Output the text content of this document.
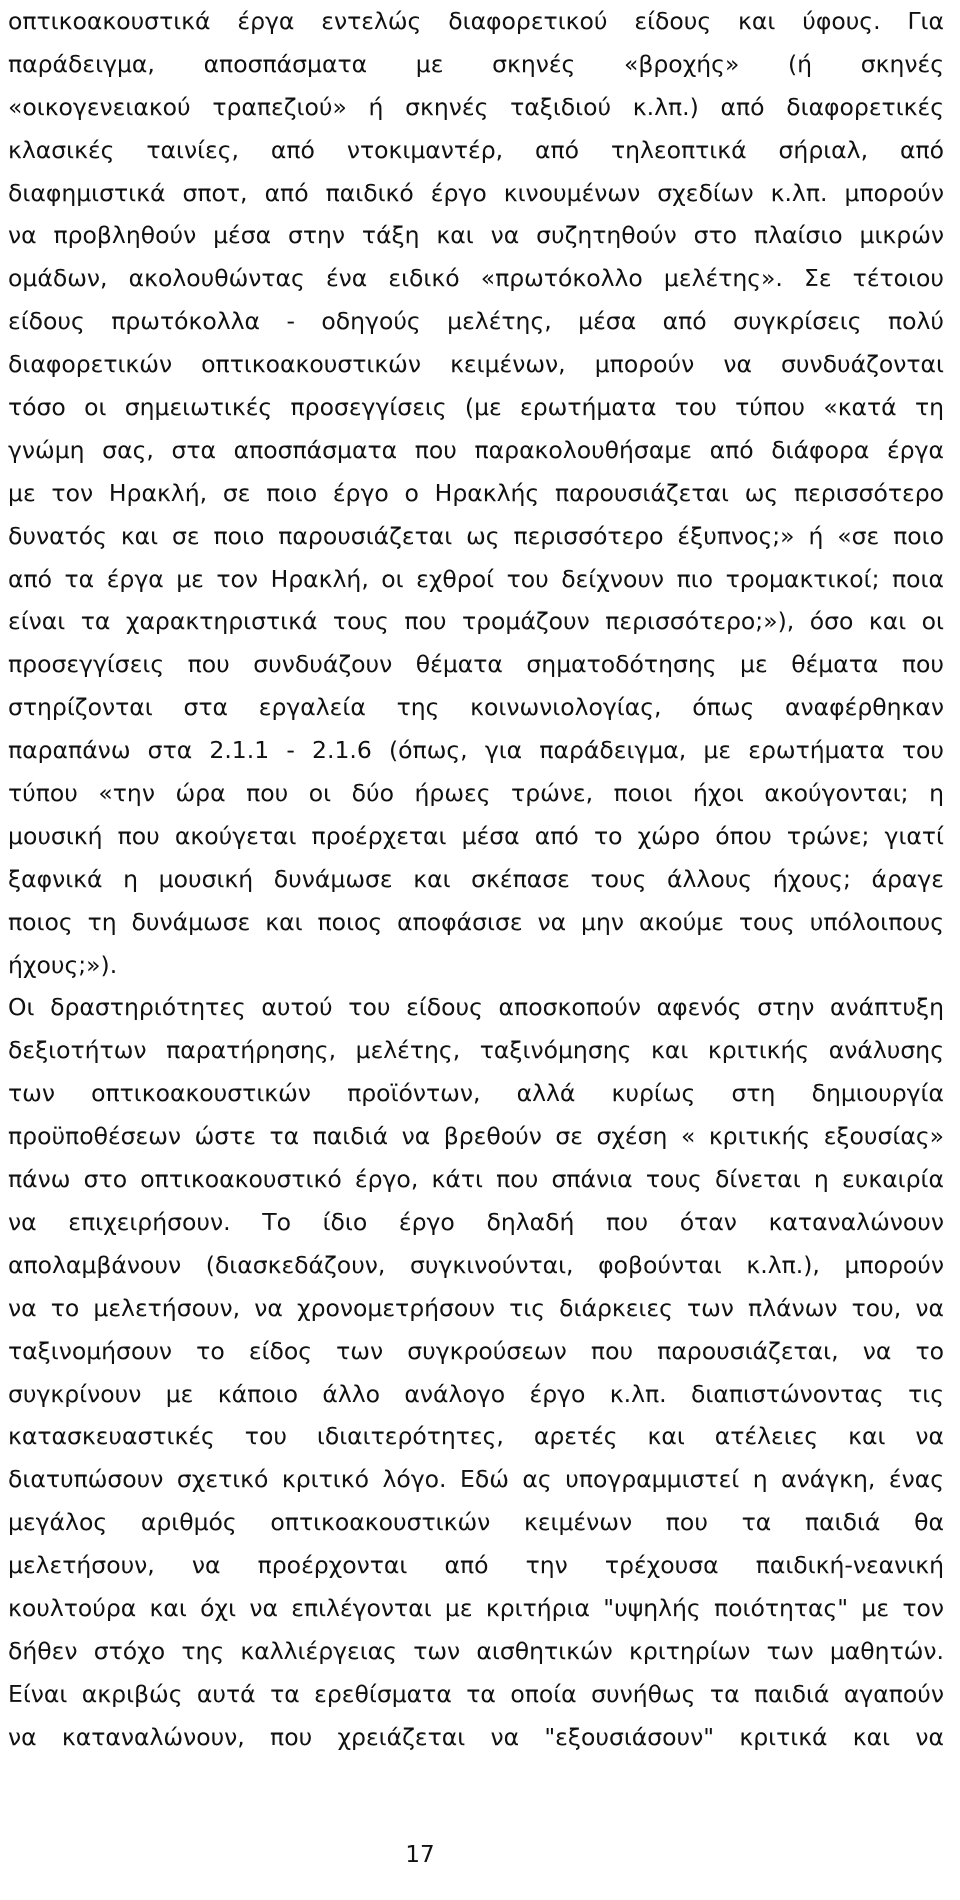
οπτικοακουστικά έργα εντελώς διαφορετικού είδους και ύφους. Για
παράδειγμα, αποσπάσματα με σκηνές «βροχής» (ή σκηνές
«οικογενειακού τραπεζιού» ή σκηνές ταξιδιού κ.λπ.) από διαφορετικές
κλασικές ταινίες, από ντοκιμαντέρ, από τηλεοπτικά σήριαλ, από
διαφημιστικά σποτ, από παιδικό έργο κινουμένων σχεδίων κ.λπ. μπορούν
να προβληθούν μέσα στην τάξη και να συζητηθούν στο πλαίσιο μικρών
ομάδων, ακολουθώντας ένα ειδικό «πρωτόκολλο μελέτης». Σε τέτοιου
είδους πρωτόκολλα - οδηγούς μελέτης, μέσα από συγκρίσεις πολύ
διαφορετικών οπτικοακουστικών κειμένων, μπορούν να συνδυάζονται
τόσο οι σημειωτικές προσεγγίσεις (με ερωτήματα του τύπου «κατά τη
γνώμη σας, στα αποσπάσματα που παρακολουθήσαμε από διάφορα έργα
με τον Ηρακλή, σε ποιο έργο ο Ηρακλής παρουσιάζεται ως περισσότερο
δυνατός και σε ποιο παρουσιάζεται ως περισσότερο έξυπνος;» ή «σε ποιο
από τα έργα με τον Ηρακλή, οι εχθροί του δείχνουν πιο τρομακτικοί; ποια
είναι τα χαρακτηριστικά τους που τρομάζουν περισσότερο;»), όσο και οι
προσεγγίσεις που συνδυάζουν θέματα σηματοδότησης με θέματα που
στηρίζονται στα εργαλεία της κοινωνιολογίας, όπως αναφέρθηκαν
παραπάνω στα 2.1.1 - 2.1.6 (όπως, για παράδειγμα, με ερωτήματα του
τύπου «την ώρα που οι δύο ήρωες τρώνε, ποιοι ήχοι ακούγονται; η
μουσική που ακούγεται προέρχεται μέσα από το χώρο όπου τρώνε; γιατί
ξαφνικά η μουσική δυνάμωσε και σκέπασε τους άλλους ήχους; άραγε
ποιος τη δυνάμωσε και ποιος αποφάσισε να μην ακούμε τους υπόλοιπους
ήχους;»).
Οι δραστηριότητες αυτού του είδους αποσκοπούν αφενός στην ανάπτυξη
δεξιοτήτων παρατήρησης, μελέτης, ταξινόμησης και κριτικής ανάλυσης
των οπτικοακουστικών προϊόντων, αλλά κυρίως στη δημιουργία
προϋποθέσεων ώστε τα παιδιά να βρεθούν σε σχέση « κριτικής εξουσίας»
πάνω στο οπτικοακουστικό έργο, κάτι που σπάνια τους δίνεται η ευκαιρία
να επιχειρήσουν. Το ίδιο έργο δηλαδή που όταν καταναλώνουν
απολαμβάνουν (διασκεδάζουν, συγκινούνται, φοβούνται κ.λπ.), μπορούν
να το μελετήσουν, να χρονομετρήσουν τις διάρκειες των πλάνων του, να
ταξινομήσουν το είδος των συγκρούσεων που παρουσιάζεται, να το
συγκρίνουν με κάποιο άλλο ανάλογο έργο κ.λπ. διαπιστώνοντας τις
κατασκευαστικές του ιδιαιτερότητες, αρετές και ατέλειες και να
διατυπώσουν σχετικό κριτικό λόγο. Εδώ ας υπογραμμιστεί η ανάγκη, ένας
μεγάλος αριθμός οπτικοακουστικών κειμένων που τα παιδιά θα
μελετήσουν, να προέρχονται από την τρέχουσα παιδική-νεανική
κουλτούρα και όχι να επιλέγονται με κριτήρια "υψηλής ποιότητας" με τον
δήθεν στόχο της καλλιέργειας των αισθητικών κριτηρίων των μαθητών.
Είναι ακριβώς αυτά τα ερεθίσματα τα οποία συνήθως τα παιδιά αγαπούν
να καταναλώνουν, που χρειάζεται να "εξουσιάσουν" κριτικά και να
17
